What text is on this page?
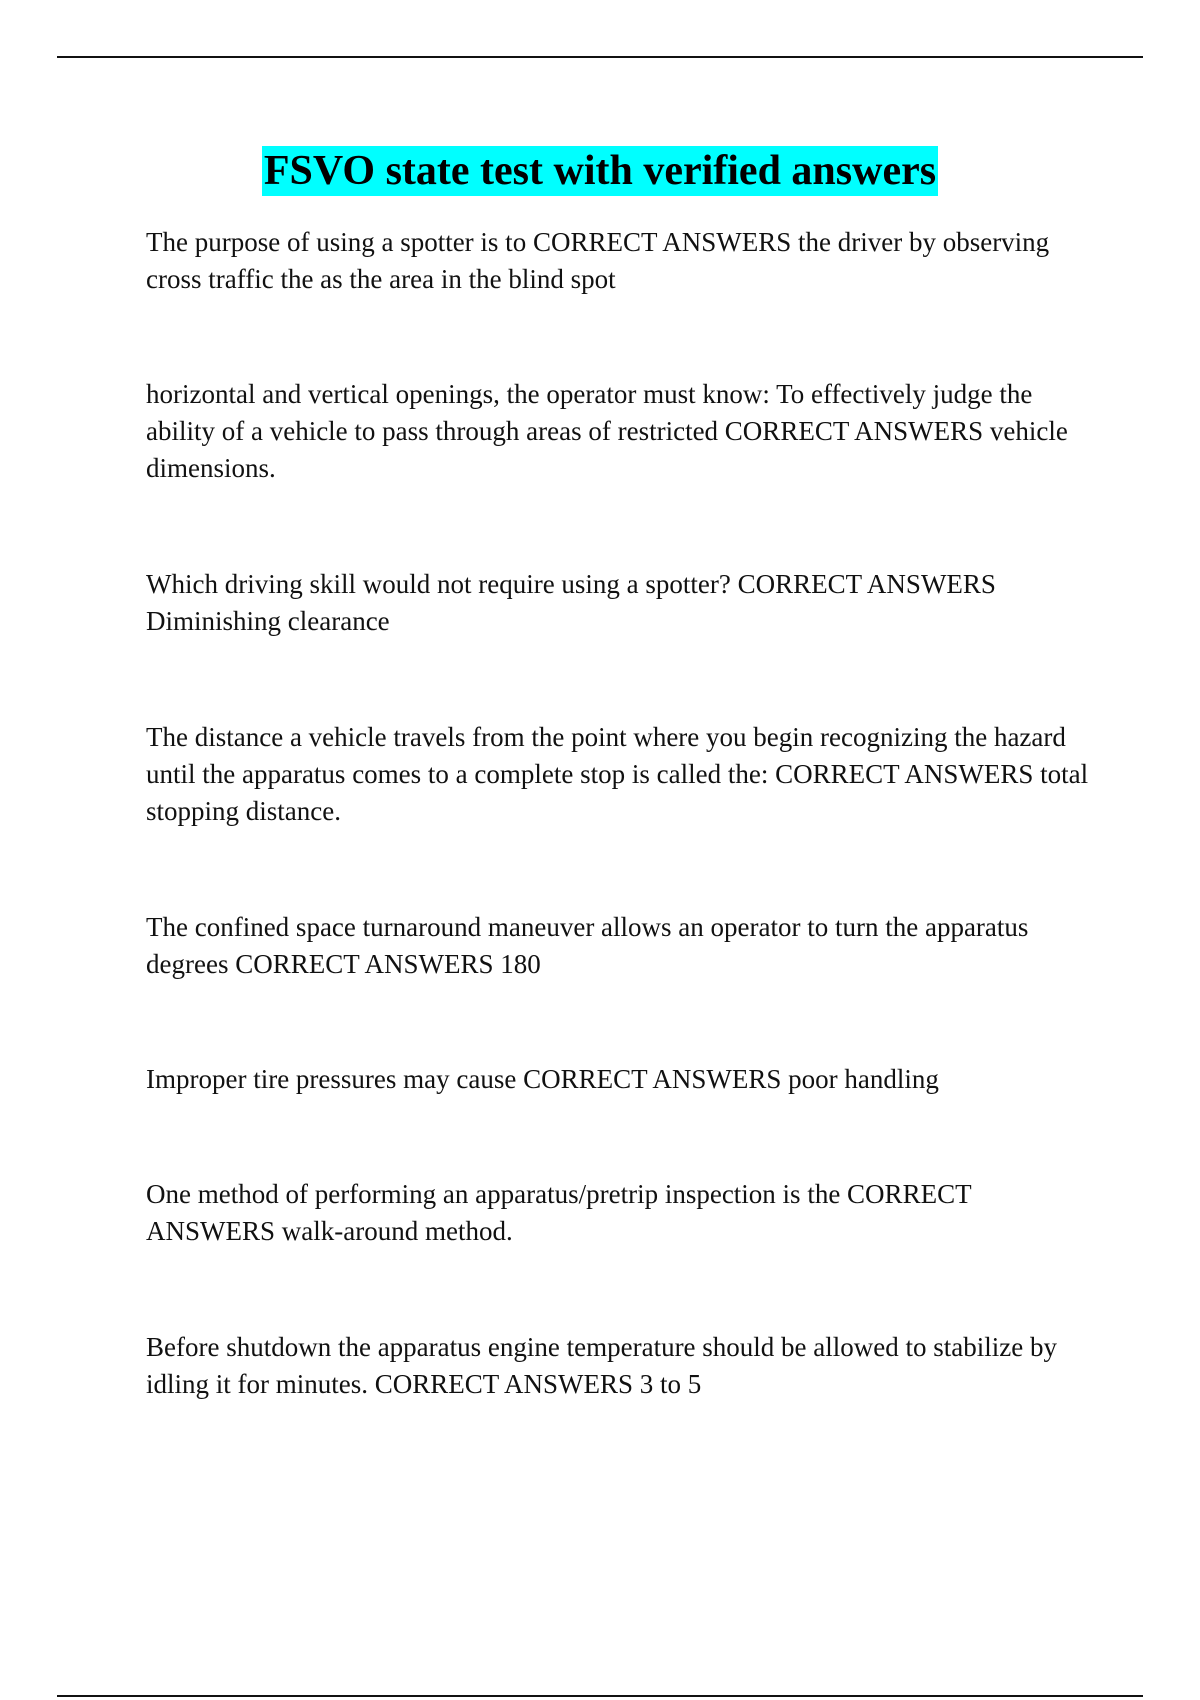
FSVO state test with verified answers

The purpose of using a spotter is to CORRECT ANSWERS the driver by observing cross traffic the as the area in the blind spot

horizontal and vertical openings, the operator must know: To effectively judge the ability of a vehicle to pass through areas of restricted CORRECT ANSWERS vehicle dimensions.

Which driving skill would not require using a spotter? CORRECT ANSWERS Diminishing clearance

The distance a vehicle travels from the point where you begin recognizing the hazard until the apparatus comes to a complete stop is called the: CORRECT ANSWERS total stopping distance.

The confined space turnaround maneuver allows an operator to turn the apparatus degrees CORRECT ANSWERS 180

Improper tire pressures may cause CORRECT ANSWERS poor handling

One method of performing an apparatus/pretrip inspection is the CORRECT ANSWERS walk-around method.

Before shutdown the apparatus engine temperature should be allowed to stabilize by idling it for minutes. CORRECT ANSWERS 3 to 5
